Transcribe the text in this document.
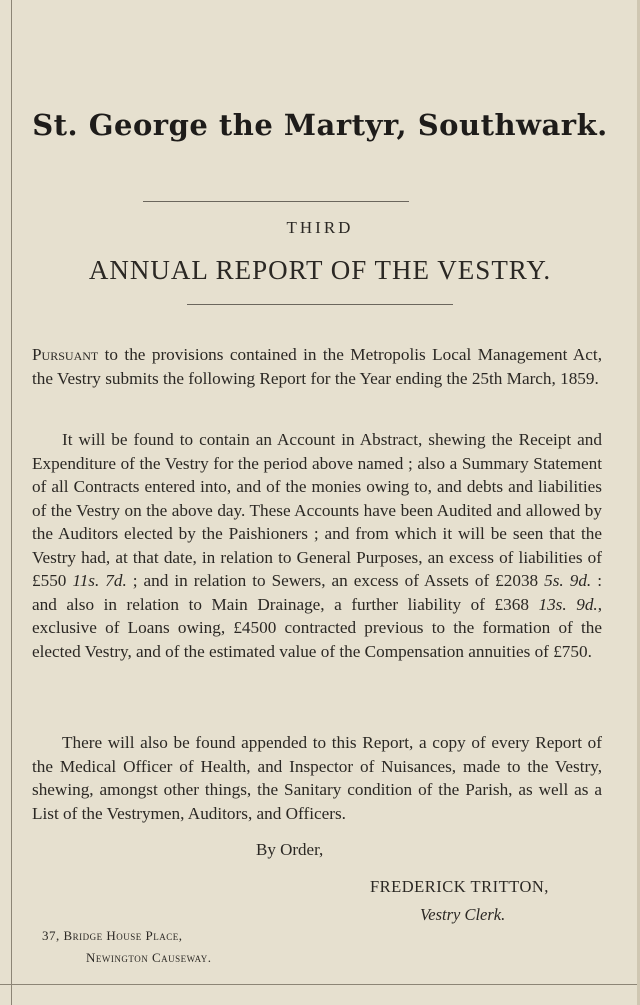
St. George the Martyr, Southwark.
THIRD
ANNUAL REPORT OF THE VESTRY.

Pursuant to the provisions contained in the Metropolis Local Management Act, the Vestry submits the following Report for the Year ending the 25th March, 1859.

It will be found to contain an Account in Abstract, shewing the Receipt and Expenditure of the Vestry for the period above named ; also a Summary Statement of all Contracts entered into, and of the monies owing to, and debts and liabilities of the Vestry on the above day. These Accounts have been Audited and allowed by the Auditors elected by the Paishioners ; and from which it will be seen that the Vestry had, at that date, in relation to General Purposes, an excess of liabilities of £550 11s. 7d. ; and in relation to Sewers, an excess of Assets of £2038 5s. 9d. : and also in relation to Main Drainage, a further liability of £368 13s. 9d., exclusive of Loans owing, £4500 contracted previous to the formation of the elected Vestry, and of the estimated value of the Compensation annuities of £750.

There will also be found appended to this Report, a copy of every Report of the Medical Officer of Health, and Inspector of Nuisances, made to the Vestry, shewing, amongst other things, the Sanitary condition of the Parish, as well as a List of the Vestrymen, Auditors, and Officers.

By Order,
FREDERICK TRITTON,
Vestry Clerk.
37, Bridge House Place,
Newington Causeway.
